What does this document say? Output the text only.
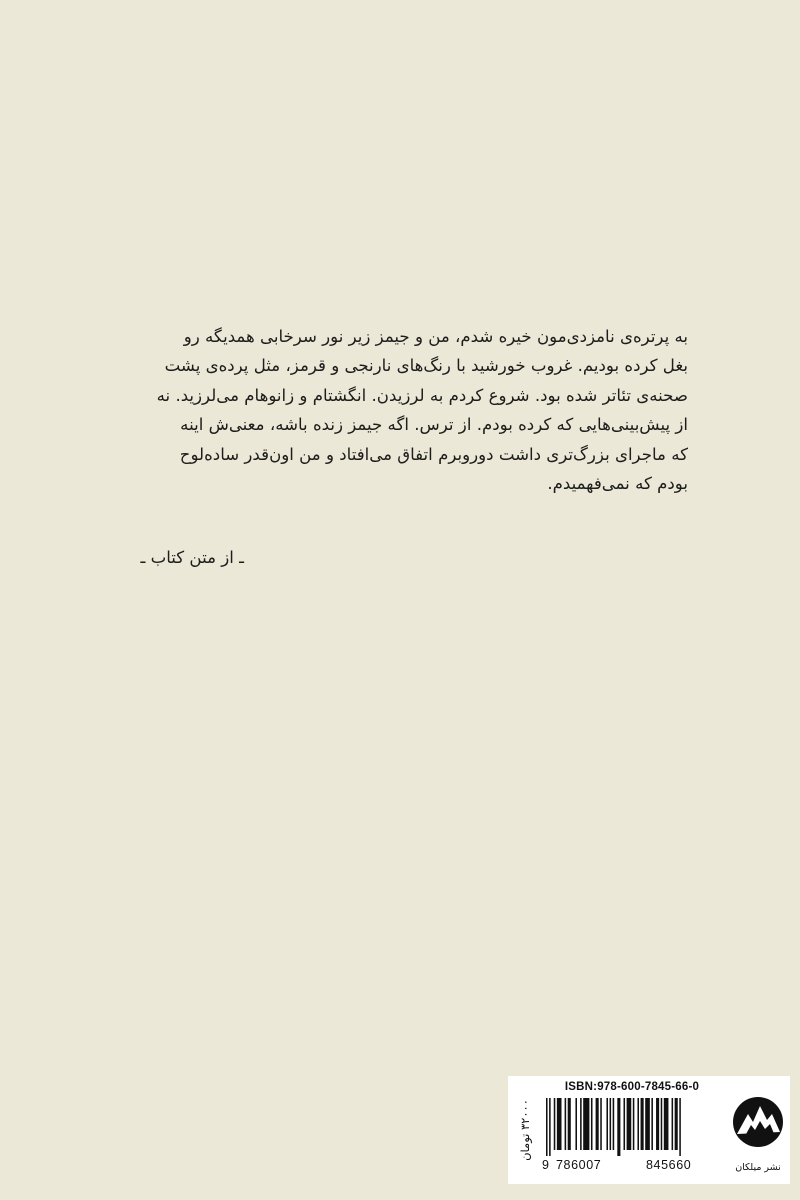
به پرتره‌ی نامزدی‌مون خیره شدم، من و جیمز زیر نور سرخابی همدیگه رو

بغل کرده بودیم. غروب خورشید با رنگ‌های نارنجی و قرمز، مثل پرده‌ی پشت

صحنه‌ی تئاتر شده بود. شروع کردم به لرزیدن. انگشتام و زانوهام می‌لرزید. نه

از پیش‌بینی‌هایی که کرده بودم. از ترس. اگه جیمز زنده باشه، معنی‌ش اینه

که ماجرای بزرگ‌تری داشت دوروبرم اتفاق می‌افتاد و من اون‌قدر ساده‌لوح

بودم که نمی‌فهمیدم.

ـ از متن کتاب ـ
۳۲۰۰۰ تومان
ISBN:978-600-7845-66-0
9 786007	845660	نشر میلکان
